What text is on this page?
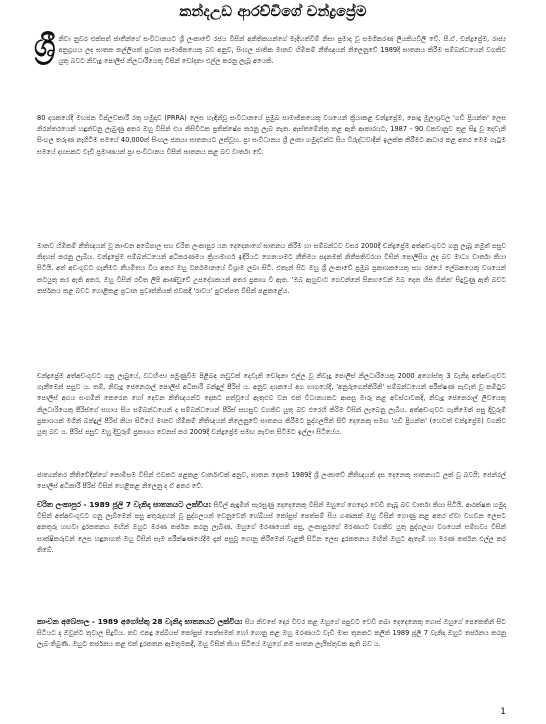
කන්දඋඩ ආරච්චිගේ චන්ද්‍රප්‍රේම

ශ්‍රී නිවා නුවර එක්සත් ජාතීන්ගේ සංවිධානයට ශ්‍රී ලංකාවේ රජය විසින් අනිතිකයන්ගේ මැදිහත්වීම් නිසා ප්‍රමාද වූ සමගිකරණ ලියකියවිලි වේ. සී.ඒ. චන්ද්‍රප්‍රේම, රාජ්‍ය අනුග්‍රහය ලද ඝාතක කල්ලියක් ප්‍රධාන සාමාජිකයෙකු බව අනුව, සිංහල ජාතික මානව හිමිකම් නීතිඥයන් නිලෙනුවේ 1989දී ඝාතනය කිරීම සම්බන්ධයෙන් වගකිව යුතු බවට නිවැදු පොලිස් නිලධාරීයෙකු විසින් චෝදනා එල්ල කරනු ලැබූ අයෙකි.

80 දශකයේදී මහජන විප්ලවකාරී රතු හමුදාව (PRRA) ලෙස හැඳින්වූ සංවිධානයේ ප්‍රමුඛ සාමාජිකයෙකු වශයෙන් ක්‍රියාකළ චන්ද්‍රප්‍රේම, පොදු මූලාශ්‍රවල 'ගඩි ප්‍රියන්ත' ලෙස නිරන්තරයෙන් හඳුන්වනු ලැබුණු අතර ඔහු විසින් එය කිසිවිටක ප්‍රතික්ෂේප කරනු ලැබ නැත. ඇස්තමේන්තු කළ ඇති ආකාරයට, 1987 - 90 වකවානුව තුළ සිදු වූ දෙවැනි සිංහල තරුණ නැගිටීම සමයේ 40,000ක් සිංහල ජනයා ඝාතනයට ලක්වූහ. ප්‍රා සංවිධානය ශ්‍රී ලංකා හමුදාවන්ට සිය විරුද්ධවාදීන් ඉලක්ක කිරීමට ආධාර කළ අතර මෙම ගැටුම සමයේ දහසකට වැඩි ප්‍රමාණයක් ප්‍රා සංවිධානය විසින් ඝාතනය කළ බව වාර්තා වේ.

මානව හිමිකම් නීතිඥයන් වූ කාංචන අබේපාල සහ චරිත ලංකාපුර යන දෙදෙනාගේ ඝාතනය කිරීම හා සම්බන්ධව වසර 2000දී චන්ද්‍රප්‍රේම අත්අඩංගුවට ගනු ලැබූ නමුත් පසුව නිදහස් කරනු ලැබීය. චන්ද්‍රප්‍රේම සම්බන්ධයෙන් අධිකරණමය ක්‍රියාමාර්ග ඉදිරියට ගෙනයාමට නීතිමය පදනමක් නිතීපතිවරයා විසින් පොලිසිය ලද බව මාධ්‍ය වාර්තා කියා සිටියි. අත් අඩංගුවට ගැනීමට නීයමිතය විය අතර ඔහු වර්තමානයේ විශ්‍රාම ලබා සිටී. එතැන් සිට ඔහු ශ්‍රී ලංකාවේ ප්‍රමුඛ ප්‍රකාශකයෙකු සහ රජයේ ලේඛකයෙකු වශයෙන් කටයුතු කර ඇති අතර, ඔහු විසින් රචිත ලිපි ආණ්ඩුවේ උපදේශකයන් අතර ප්‍රකාශ වී ඇත. 'ඔබ ඇහුවාට ගෙවන්නේ සිනහවෙන් ඔබ දෙන හිස ගින්න' සිදුවුණු ඇති බවට තර්ජනය කළ බවට ගොළිකළ ප්‍රධාන ප්‍රවෘත්තියක් එවකදී 'රාවය' පුවත්පත විසින් පළකළේය.

චන්ද්‍රප්‍රේම අත්අඩංගුවට ගනු ලැබුයේ, වධහිංසා පමුණුවීම පිළිබඳ නඩුවක් දෙවැනි චෝදනා එල්ල වූ නිවැදු පොලිස් නිලධාරියෙකු 2000 අගෝස්තු 3 වැනිදා අත්අඩංගුවට ගැනීමෙන් පසුව ය. තම්, නිවැදු ජෙනෙරාල් පොලිස් අධිකාරී බන්දුල් පීරිස් ය. අනුව දශකයේ අග භාගයේදී, 'අනුරුගෙන්තිරිනි' සම්බන්ධයෙන් පරීක්ෂණ පැවැත් වූ කමිටුව පොලිස් අගය සංගමින් කෙරෙන හෝ දෙවන නිතිඥයන්ට දෙකට පත්වූයේ ඇතුළුව වන එක් විධානයකට ආපසු මාරු කළ අවස්ථාවකදී, නිවැදු ජෙනෙරාල් ලිවයෙකු නිලධාරියෙකු පීරිස්ගේ සහාය සිය සම්බන්ධයෙන් ද සම්බන්ධයෙන් පීරිස් සහසුව වගකිව යුතු බව එරෙහි කිරිම විසින් ලැබෙනු ලැබිය. අත්අඩංගුවට ගැනීමෙන් පසු දිවුරුම් ප්‍රකාශයක් මගින් බන්දුල් පීරිස් කියා සිටියේ මානව හිමිකම් නීතිඥයන් නිලෙනුවේ ඝාතනය කිරීමට පුද්ගලයින් සිව් දෙනෙකු සමඟ 'ගඩි ප්‍රියන්ත' (හෙවත් චන්ද්‍රප්‍රේම) වගකිව යුතු බව ය. පීරිස් පසුව ඔහු දිවුරුම් ප්‍රකාශය වෙනස් කර 2009දී චන්ද්‍රප්‍රේම සමඟ නැවත සිටිමට ඉල්ලා සිටියේය.

ජාත්‍යන්තර නීතිවේදීන්ගේ කොමිසම විසින් එවකට පළකළ වාර්තාවක් අනුව, ඝාතන දෙකම 1989දී ශ්‍රී ලංකාවේ නීතිඥයන් දස දෙනෙකු ඝාතනයට ලක් වූ බවයි; ජෙන්රල් පොලිස් අධිකාරී පීරිස් විසින් හෙළිකළ නිලෙනු ද ඒ අතර වේ.

චරිත ලංකාපුර - 1989 ජූලි 7 වැනිදා ඝාතනයට ලක්විය: සිවිල් ඇඳුමින් සැරසුණු දෙදෙනෙකු විසින් ඔහුගේ ගෙදොර වෙඩි තැබූ බව වාර්තා කියා සිටියි. ආරක්ෂක හමුදා විසින් අත්අඩංගුවට ගනු ලැබීමෙන් පසු අතුරුදහන් වූ පුද්ගලයන් වෙනුවෙන් හේබියස් කෝපුස් පෙත්සම් සිය ගණනක් ඔහු විසින් ගොණු කළ අතර ඒවා වහවන ලෙසට අනතුරු හඟවා දුරකතනය මඟින් ඔහුට මරණ තර්ජන කරනු ලැබිණ. ඔහුගේ මරණයෙන් පසු, ලංකාපුරගේ මරණයට වගකිව යුතු පුද්ගලයා වශයෙන් සම්භව්‍ය විසින් සාක්ෂිකරුවන් ලෙස හඳුනාගත් ඔහු විසින් සැම පරීක්ෂණයේදීම දැන් පසුවූ ගොනු කිරීමෙන් වැළකී සිටින ලෙස දුරකතනය මඟින් ඔහුට ඇතැම් හා මරණ තර්ජන එල්ල කර තිබේ.

කාංචන අබේපාල - 1989 අගෝස්තු 28 වැනිදා ඝාතනයට ලක්විය: සිය නිවසේ දොර විවර කළ ඔහුගේ පපුවට වෙඩි තබා දෙදෙනෙකු ගොස් ඔහුගේ පෙකෙතින් සිට සිටියට ද ඔවුන්ට තුවාල සිදුවිය. තව එකදු පේබියස් කෝපුස් පෙත්සමක් හෝ ගොනු කළ ඔහු මරණයට වැඩි මාස තුනකට කලින් 1989 ජූලි 7 වැනිදා ඔහුට තර්ජනය කරනු ලැබ තිබුණි. ඔහුට තර්ජනය කළ එක් දුරකතන ඇමතුමකදී, ඔහු විසින් කියා සිටියේ ඔහුගේ නම ඝාතන ලැයිස්තුවක ඇති බව ය.

1
